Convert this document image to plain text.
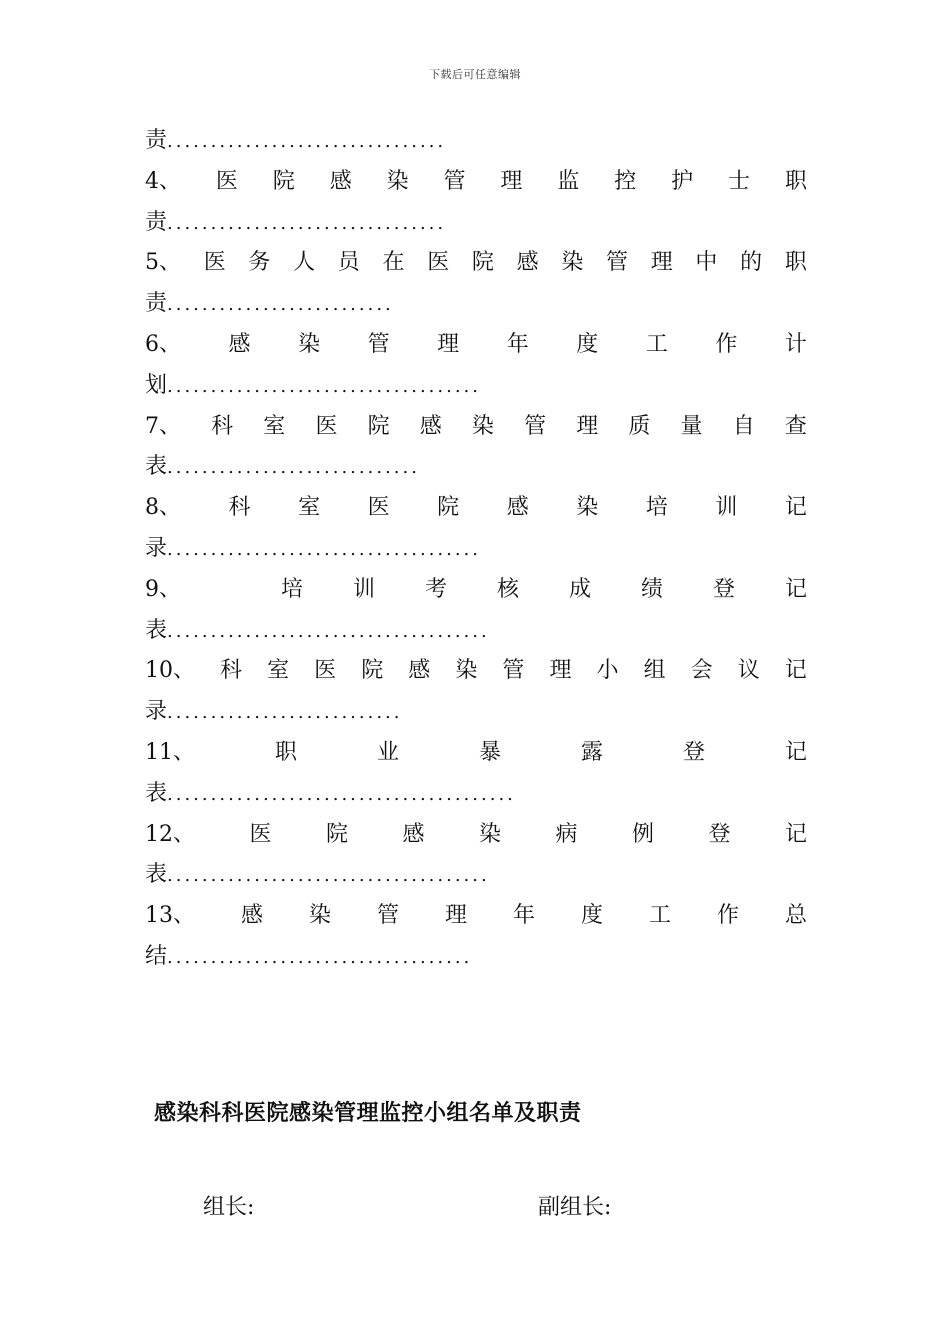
下载后可任意编辑
责................................
4、 医 院 感 染 管 理 监 控 护 士 职
责................................
5、 医 务 人 员 在 医 院 感 染 管 理 中 的 职
责..........................
6、 感 染 管 理 年 度 工 作 计
划....................................
7、 科 室 医 院 感 染 管 理 质 量 自 查
表.............................
8、 科 室 医 院 感 染 培 训 记
录....................................
9、	培 训 考 核 成 绩 登 记
表.....................................
10、 科 室 医 院 感 染 管 理 小 组 会 议 记
录...........................
11、	职	业	暴	露	登	记
表........................................
12、 医 院 感 染 病 例 登 记
表.....................................
13、 感 染 管 理 年 度 工 作 总
结...................................
感染科科医院感染管理监控小组名单及职责
组长:	副组长:
